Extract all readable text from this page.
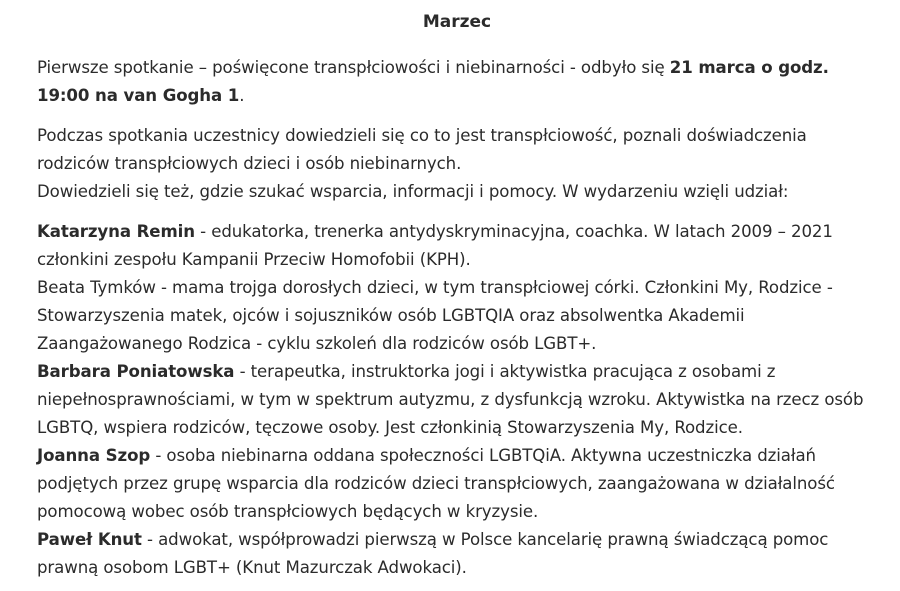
Marzec

Pierwsze spotkanie – poświęcone transpłciowości i niebinarności - odbyło się 21 marca o godz. 19:00 na van Gogha 1.

Podczas spotkania uczestnicy dowiedzieli się co to jest transpłciowość, poznali doświadczenia rodziców transpłciowych dzieci i osób niebinarnych.
Dowiedzieli się też, gdzie szukać wsparcia, informacji i pomocy. W wydarzeniu wzięli udział:

Katarzyna Remin - edukatorka, trenerka antydyskryminacyjna, coachka. W latach 2009 – 2021 członkini zespołu Kampanii Przeciw Homofobii (KPH).
Beata Tymków - mama trojga dorosłych dzieci, w tym transpłciowej córki. Członkini My, Rodzice - Stowarzyszenia matek, ojców i sojuszników osób LGBTQIA oraz absolwentka Akademii Zaangażowanego Rodzica - cyklu szkoleń dla rodziców osób LGBT+.
Barbara Poniatowska - terapeutka, instruktorka jogi i aktywistka pracująca z osobami z niepełnosprawnościami, w tym w spektrum autyzmu, z dysfunkcją wzroku. Aktywistka na rzecz osób LGBTQ, wspiera rodziców, tęczowe osoby. Jest członkinią Stowarzyszenia My, Rodzice.
Joanna Szop - osoba niebinarna oddana społeczności LGBTQiA. Aktywna uczestniczka działań podjętych przez grupę wsparcia dla rodziców dzieci transpłciowych, zaangażowana w działalność pomocową wobec osób transpłciowych będących w kryzysie.
Paweł Knut - adwokat, współprowadzi pierwszą w Polsce kancelarię prawną świadczącą pomoc prawną osobom LGBT+ (Knut Mazurczak Adwokaci).
